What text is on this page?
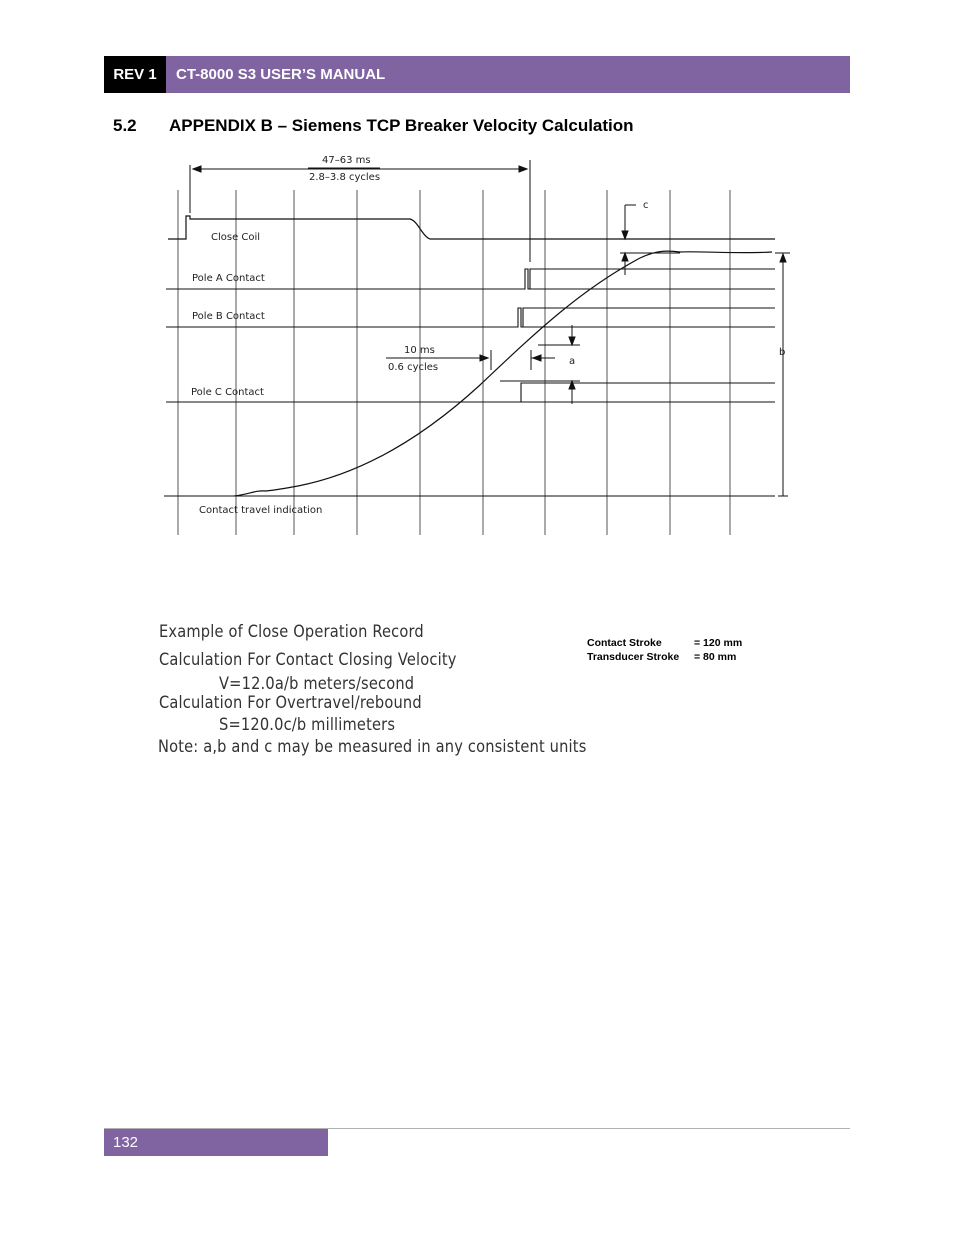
REV 1	CT-8000 S3 USER’S MANUAL
5.2 APPENDIX B – Siemens TCP Breaker Velocity Calculation
47–63 ms
2.8–3.8 cycles
10 ms
0.6 cycles
a
c
b
Close Coil
Pole A Contact
Pole B Contact
Pole C Contact
Contact travel indication
Example of Close Operation Record
Calculation For Contact Closing Velocity
V=12.0a/b meters/second
Calculation For Overtravel/rebound
S=120.0c/b millimeters
Note: a,b and c may be measured in any consistent units
Contact Stroke	= 120 mm
Transducer Stroke = 80 mm
132
